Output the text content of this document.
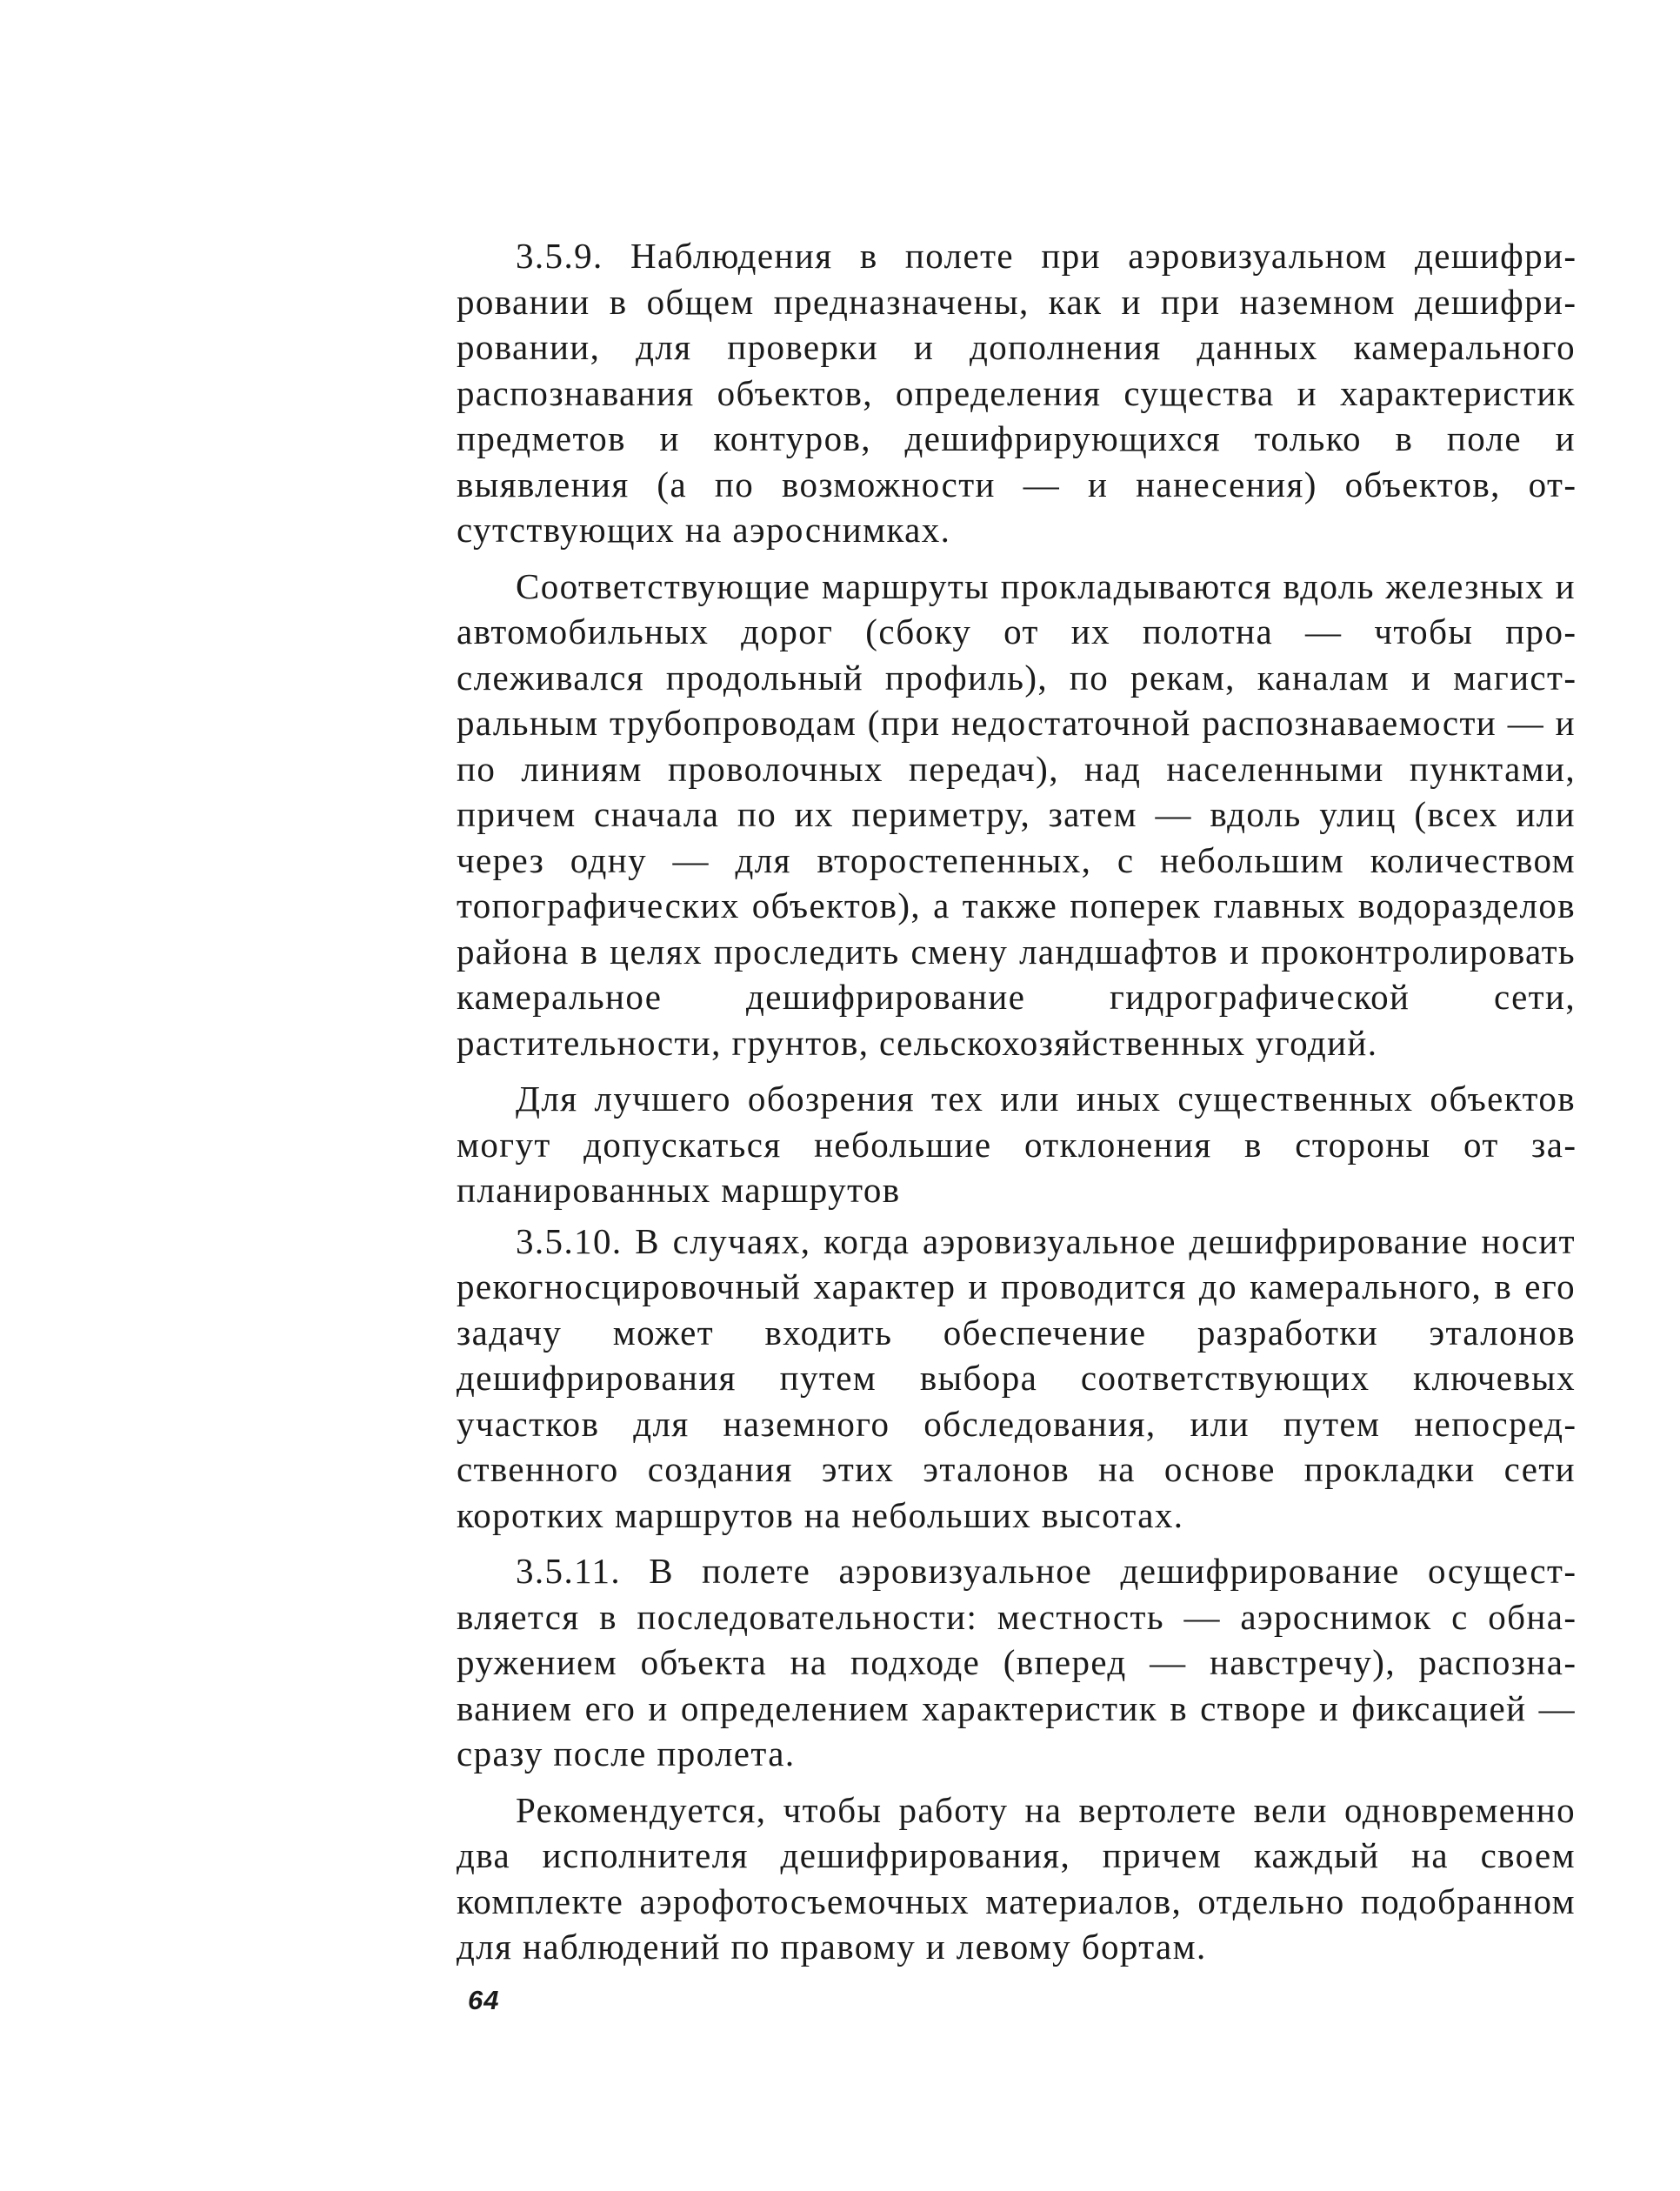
3.5.9. Наблюдения в полете при аэровизуальном дешифрировании в общем предназначены, как и при наземном дешифрировании, для проверки и дополнения данных камерального распознавания объектов, определения существа и характеристик предметов и контуров, дешифрирующихся только в поле и выявления (а по возможности — и нанесения) объектов, отсутствующих на аэроснимках.

Соответствующие маршруты прокладываются вдоль железных и автомобильных дорог (сбоку от их полотна — чтобы прослеживался продольный профиль), по рекам, каналам и магистральным трубопроводам (при недостаточной распознаваемости — и по линиям проволочных передач), над населенными пунктами, причем сначала по их периметру, затем — вдоль улиц (всех или через одну — для второстепенных, с небольшим количеством топографических объектов), а также поперек главных водоразделов района в целях проследить смену ландшафтов и проконтролировать камеральное дешифрирование гидрографической сети, растительности, грунтов, сельскохозяйственных угодий.

Для лучшего обозрения тех или иных существенных объектов могут допускаться небольшие отклонения в стороны от запланированных маршрутов

3.5.10. В случаях, когда аэровизуальное дешифрирование носит рекогносцировочный характер и проводится до камерального, в его задачу может входить обеспечение разработки эталонов дешифрирования путем выбора соответствующих ключевых участков для наземного обследования, или путем непосредственного создания этих эталонов на основе прокладки сети коротких маршрутов на небольших высотах.

3.5.11. В полете аэровизуальное дешифрирование осуществляется в последовательности: местность — аэроснимок с обнаружением объекта на подходе (вперед — навстречу), распознаванием его и определением характеристик в створе и фиксацией — сразу после пролета.

Рекомендуется, чтобы работу на вертолете вели одновременно два исполнителя дешифрирования, причем каждый на своем комплекте аэрофотосъемочных материалов, отдельно подобранном для наблюдений по правому и левому бортам.

64
